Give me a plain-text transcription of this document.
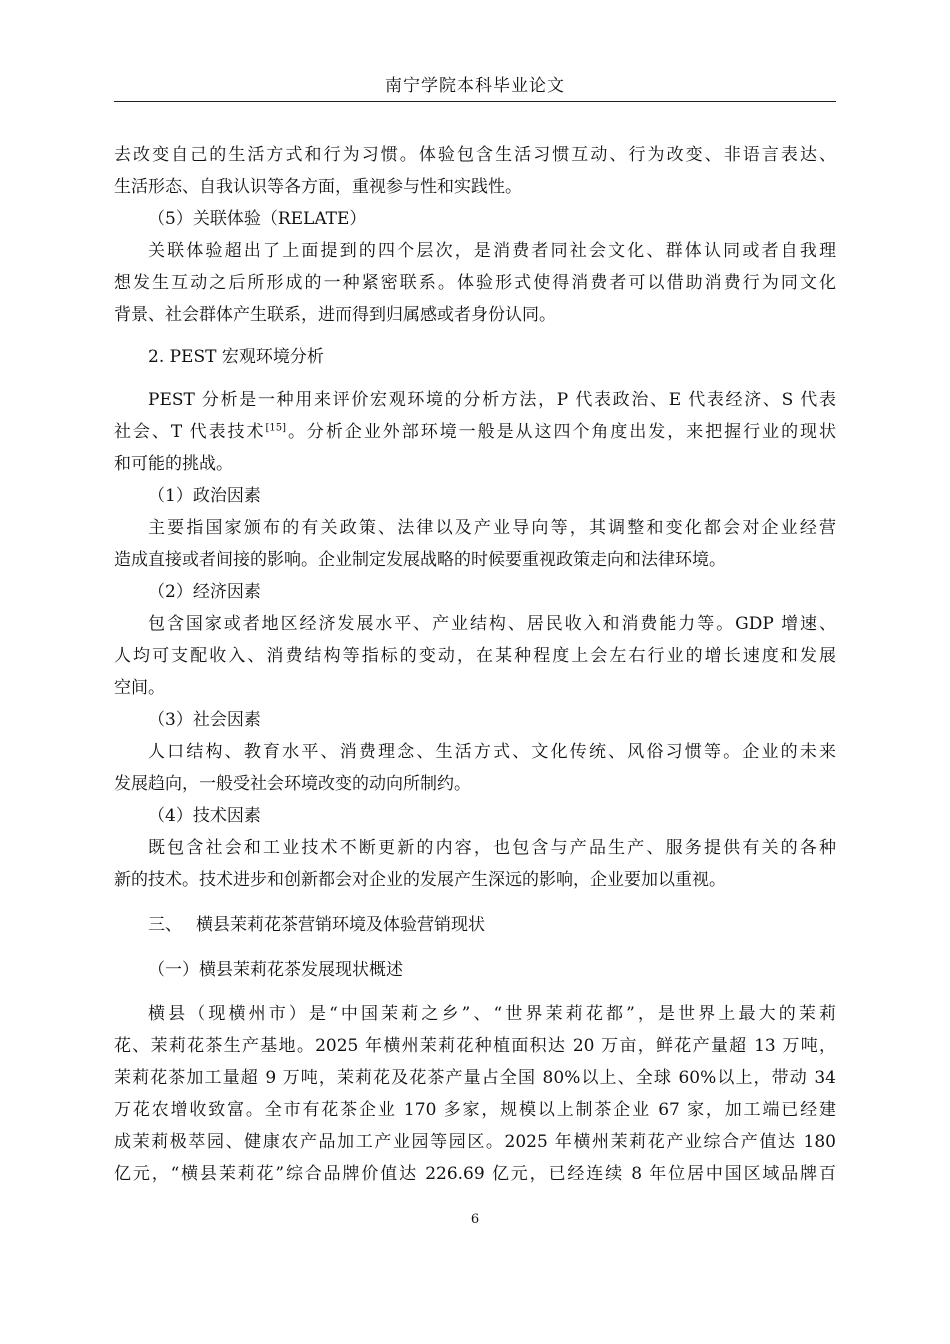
南宁学院本科毕业论文
去改变自己的生活方式和行为习惯。体验包含生活习惯互动、行为改变、非语言表达、
生活形态、自我认识等各方面，重视参与性和实践性。
（5）关联体验（RELATE）
关联体验超出了上面提到的四个层次，是消费者同社会文化、群体认同或者自我理
想发生互动之后所形成的一种紧密联系。体验形式使得消费者可以借助消费行为同文化
背景、社会群体产生联系，进而得到归属感或者身份认同。
2. PEST 宏观环境分析
PEST 分析是一种用来评价宏观环境的分析方法，P 代表政治、E 代表经济、S 代表
社会、T 代表技术[15]。分析企业外部环境一般是从这四个角度出发，来把握行业的现状
和可能的挑战。
（1）政治因素
主要指国家颁布的有关政策、法律以及产业导向等，其调整和变化都会对企业经营
造成直接或者间接的影响。企业制定发展战略的时候要重视政策走向和法律环境。
（2）经济因素
包含国家或者地区经济发展水平、产业结构、居民收入和消费能力等。GDP 增速、
人均可支配收入、消费结构等指标的变动，在某种程度上会左右行业的增长速度和发展
空间。
（3）社会因素
人口结构、教育水平、消费理念、生活方式、文化传统、风俗习惯等。企业的未来
发展趋向，一般受社会环境改变的动向所制约。
（4）技术因素
既包含社会和工业技术不断更新的内容，也包含与产品生产、服务提供有关的各种
新的技术。技术进步和创新都会对企业的发展产生深远的影响，企业要加以重视。
三、 横县茉莉花茶营销环境及体验营销现状
（一）横县茉莉花茶发展现状概述
横县（现横州市）是“中国茉莉之乡”、“世界茉莉花都”，是世界上最大的茉莉
花、茉莉花茶生产基地。2025 年横州茉莉花种植面积达 20 万亩，鲜花产量超 13 万吨，
茉莉花茶加工量超 9 万吨，茉莉花及花茶产量占全国 80%以上、全球 60%以上，带动 34
万花农增收致富。全市有花茶企业 170 多家，规模以上制茶企业 67 家，加工端已经建
成茉莉极萃园、健康农产品加工产业园等园区。2025 年横州茉莉花产业综合产值达 180
亿元，“横县茉莉花”综合品牌价值达 226.69 亿元，已经连续 8 年位居中国区域品牌百
6
